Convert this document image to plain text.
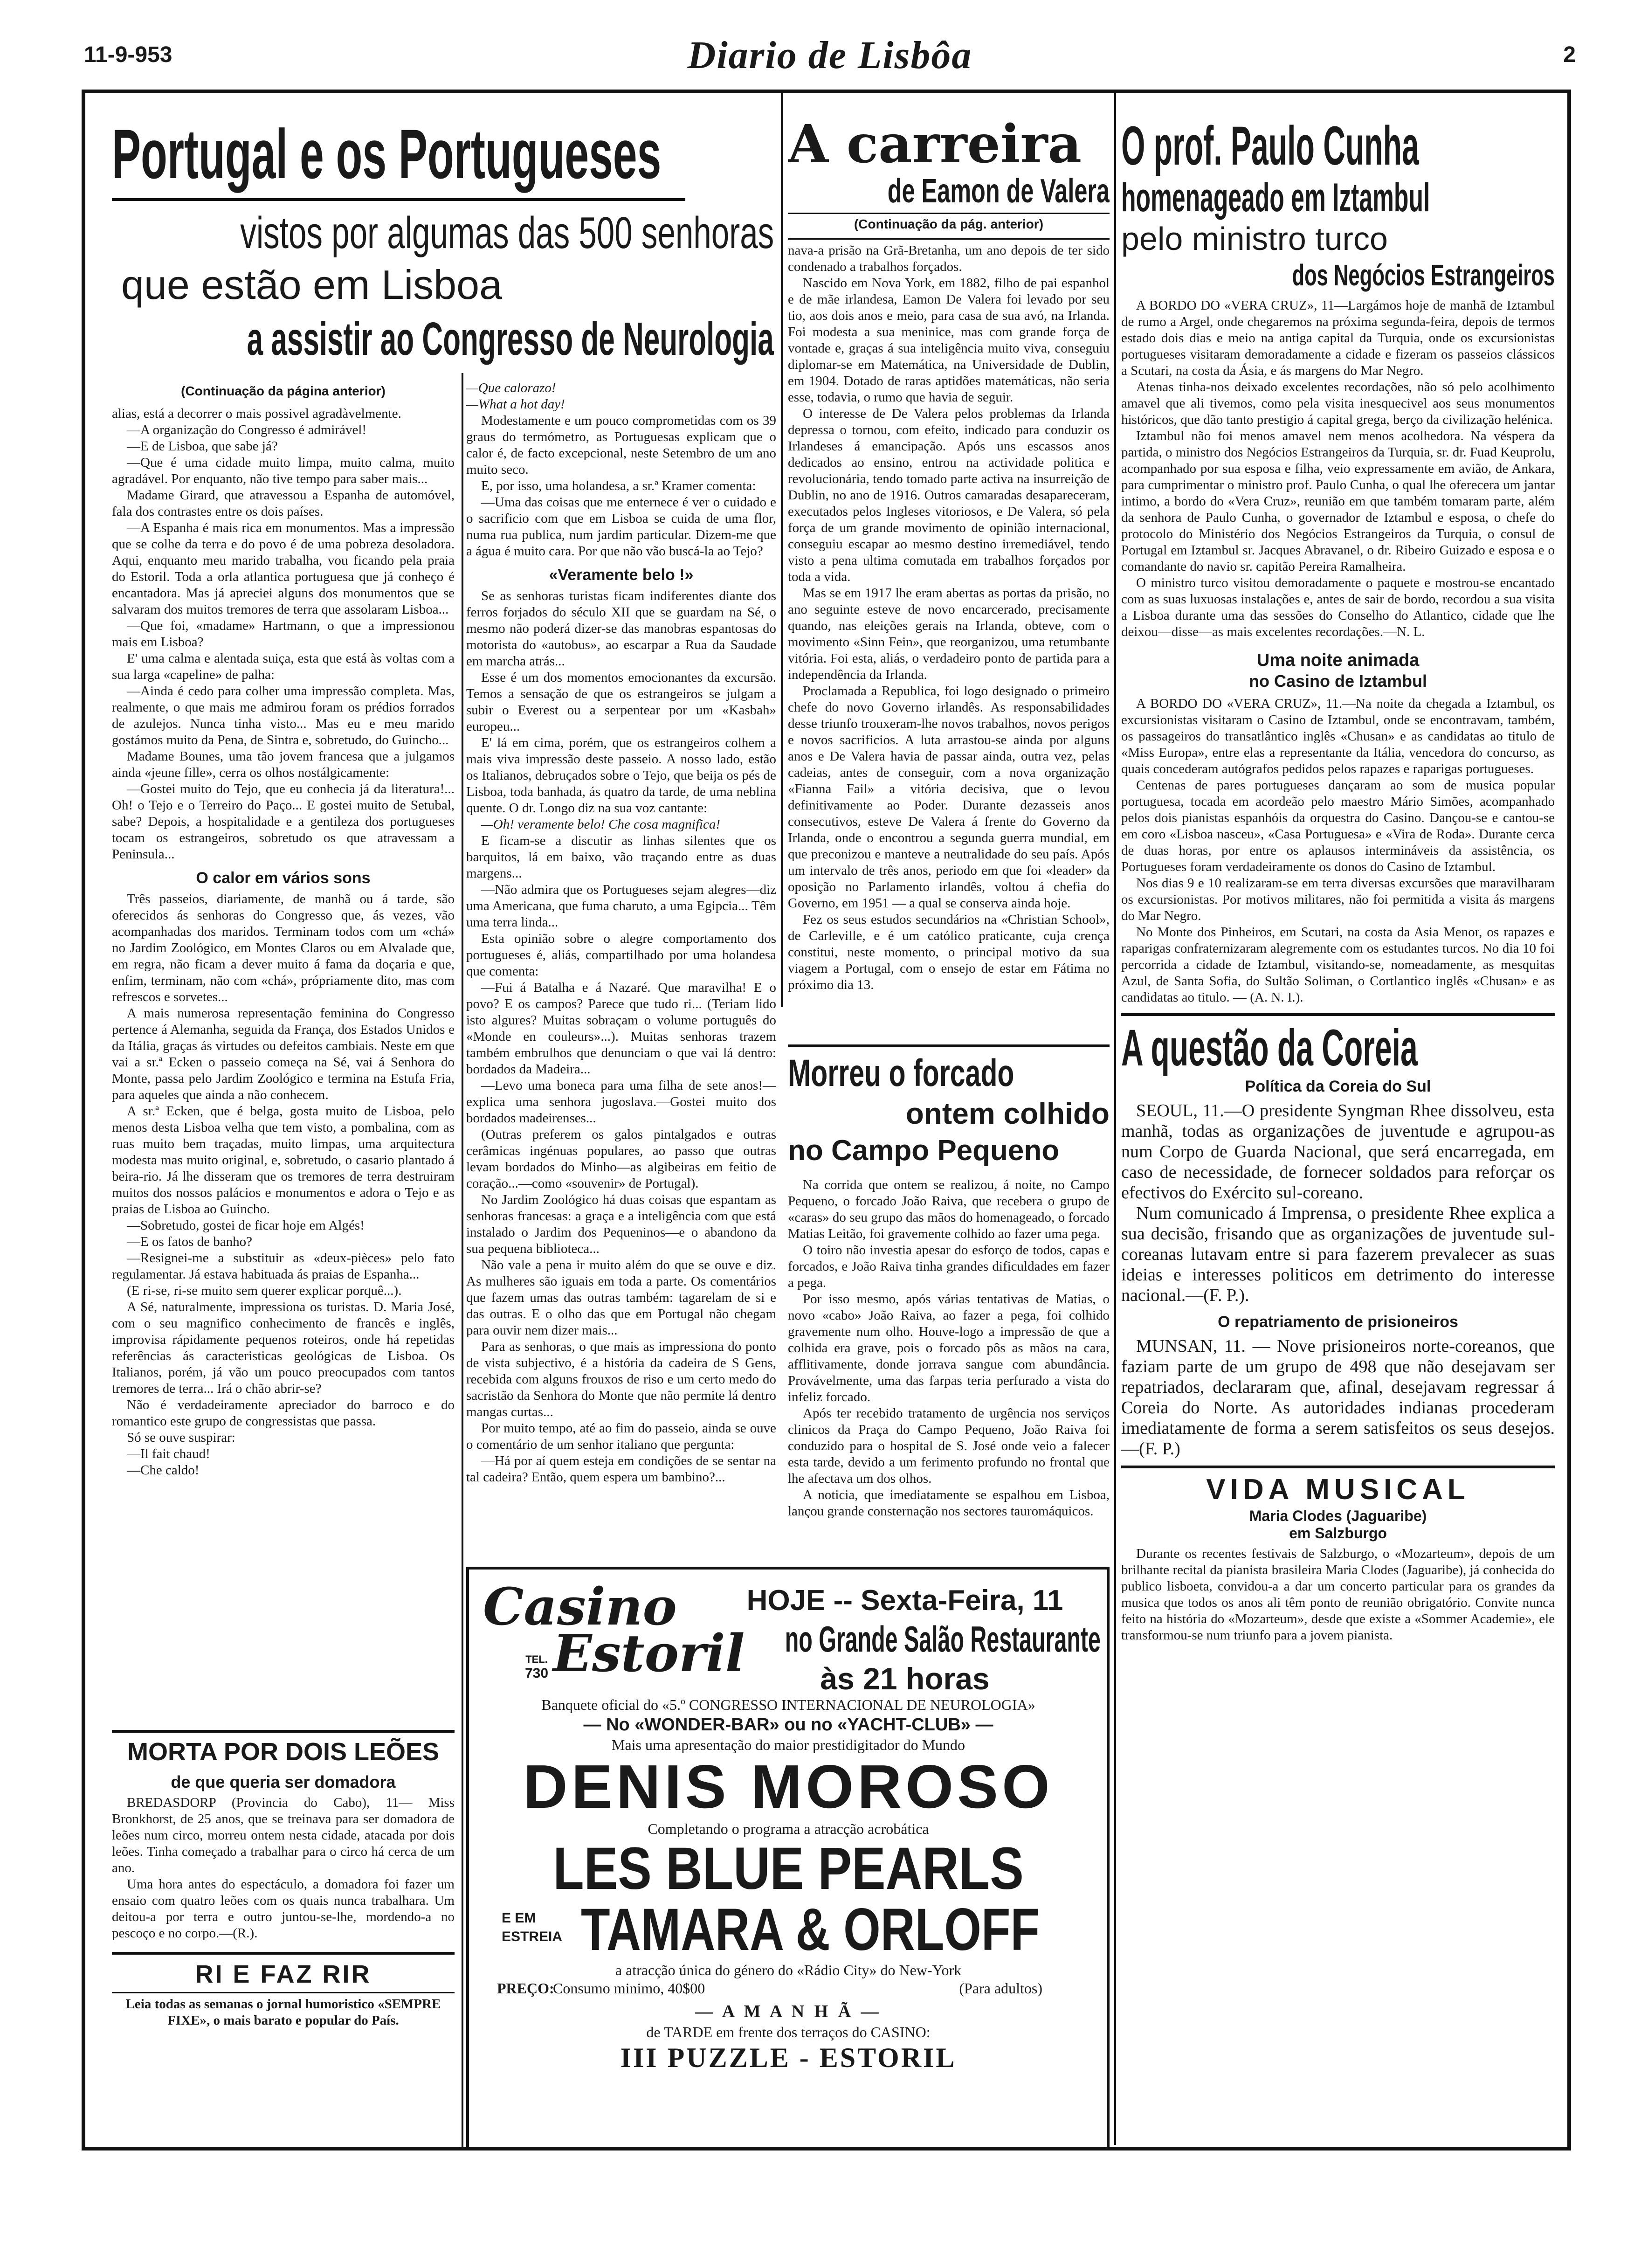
11-9-953	Diario de Lisbôa	2
Portugal e os Portugueses
vistos por algumas das 500 senhoras
que estão em Lisboa
a assistir ao Congresso de Neurologia
(Continuação da página anterior)

alias, está a decorrer o mais possivel agradàvelmente.

—A organização do Congresso é admirável!

—E de Lisboa, que sabe já?

—Que é uma cidade muito limpa, muito calma, muito agradável. Por enquanto, não tive tempo para saber mais...

Madame Girard, que atravessou a Espanha de automóvel, fala dos contrastes entre os dois países.

—A Espanha é mais rica em monumentos. Mas a impressão que se colhe da terra e do povo é de uma pobreza desoladora. Aqui, enquanto meu marido trabalha, vou ficando pela praia do Estoril. Toda a orla atlantica portuguesa que já conheço é encantadora. Mas já apreciei alguns dos monumentos que se salvaram dos muitos tremores de terra que assolaram Lisboa...

—Que foi, «madame» Hartmann, o que a impressionou mais em Lisboa?

E' uma calma e alentada suiça, esta que está às voltas com a sua larga «capeline» de palha:

—Ainda é cedo para colher uma impressão completa. Mas, realmente, o que mais me admirou foram os prédios forrados de azulejos. Nunca tinha visto... Mas eu e meu marido gostámos muito da Pena, de Sintra e, sobretudo, do Guincho...

Madame Bounes, uma tão jovem francesa que a julgamos ainda «jeune fille», cerra os olhos nostálgicamente:

—Gostei muito do Tejo, que eu conhecia já da literatura!... Oh! o Tejo e o Terreiro do Paço... E gostei muito de Setubal, sabe? Depois, a hospitalidade e a gentileza dos portugueses tocam os estrangeiros, sobretudo os que atravessam a Peninsula...

O calor em vários sons

Três passeios, diariamente, de manhã ou á tarde, são oferecidos ás senhoras do Congresso que, ás vezes, vão acompanhadas dos maridos. Terminam todos com um «chá» no Jardim Zoológico, em Montes Claros ou em Alvalade que, em regra, não ficam a dever muito á fama da doçaria e que, enfim, terminam, não com «chá», própriamente dito, mas com refrescos e sorvetes...

A mais numerosa representação feminina do Congresso pertence á Alemanha, seguida da França, dos Estados Unidos e da Itália, graças ás virtudes ou defeitos cambiais. Neste em que vai a sr.ª Ecken o passeio começa na Sé, vai á Senhora do Monte, passa pelo Jardim Zoológico e termina na Estufa Fria, para aqueles que ainda a não conhecem.

A sr.ª Ecken, que é belga, gosta muito de Lisboa, pelo menos desta Lisboa velha que tem visto, a pombalina, com as ruas muito bem traçadas, muito limpas, uma arquitectura modesta mas muito original, e, sobretudo, o casario plantado á beira-rio. Já lhe disseram que os tremores de terra destruiram muitos dos nossos palácios e monumentos e adora o Tejo e as praias de Lisboa ao Guincho.

—Sobretudo, gostei de ficar hoje em Algés!

—E os fatos de banho?

—Resignei-me a substituir as «deux-pièces» pelo fato regulamentar. Já estava habituada ás praias de Espanha...

(E ri-se, ri-se muito sem querer explicar porquê...).

A Sé, naturalmente, impressiona os turistas. D. Maria José, com o seu magnifico conhecimento de francês e inglês, improvisa rápidamente pequenos roteiros, onde há repetidas referências ás caracteristicas geológicas de Lisboa. Os Italianos, porém, já vão um pouco preocupados com tantos tremores de terra... Irá o chão abrir-se?

Não é verdadeiramente apreciador do barroco e do romantico este grupo de congressistas que passa.

Só se ouve suspirar:

—Il fait chaud!

—Che caldo!

MORTA POR DOIS LEÕES
de que queria ser domadora

BREDASDORP (Provincia do Cabo), 11— Miss Bronkhorst, de 25 anos, que se treinava para ser domadora de leões num circo, morreu ontem nesta cidade, atacada por dois leões. Tinha começado a trabalhar para o circo há cerca de um ano.

Uma hora antes do espectáculo, a domadora foi fazer um ensaio com quatro leões com os quais nunca trabalhara. Um deitou-a por terra e outro juntou-se-lhe, mordendo-a no pescoço e no corpo.—(R.).

RI E FAZ RIR

Leia todas as semanas o jornal humoristico «SEMPRE FIXE», o mais barato e popular do País.

—Que calorazo!

—What a hot day!

Modestamente e um pouco comprometidas com os 39 graus do termómetro, as Portuguesas explicam que o calor é, de facto excepcional, neste Setembro de um ano muito seco.

E, por isso, uma holandesa, a sr.ª Kramer comenta:

—Uma das coisas que me enternece é ver o cuidado e o sacrificio com que em Lisboa se cuida de uma flor, numa rua publica, num jardim particular. Dizem-me que a água é muito cara. Por que não vão buscá-la ao Tejo?

«Veramente belo !»

Se as senhoras turistas ficam indiferentes diante dos ferros forjados do século XII que se guardam na Sé, o mesmo não poderá dizer-se das manobras espantosas do motorista do «autobus», ao escarpar a Rua da Saudade em marcha atrás...

Esse é um dos momentos emocionantes da excursão. Temos a sensação de que os estrangeiros se julgam a subir o Everest ou a serpentear por um «Kasbah» europeu...

E' lá em cima, porém, que os estrangeiros colhem a mais viva impressão deste passeio. A nosso lado, estão os Italianos, debruçados sobre o Tejo, que beija os pés de Lisboa, toda banhada, ás quatro da tarde, de uma neblina quente. O dr. Longo diz na sua voz cantante:

—Oh! veramente belo! Che cosa magnifica!

E ficam-se a discutir as linhas silentes que os barquitos, lá em baixo, vão traçando entre as duas margens...

—Não admira que os Portugueses sejam alegres—diz uma Americana, que fuma charuto, a uma Egipcia... Têm uma terra linda...

Esta opinião sobre o alegre comportamento dos portugueses é, aliás, compartilhado por uma holandesa que comenta:

—Fui á Batalha e á Nazaré. Que maravilha! E o povo? E os campos? Parece que tudo ri... (Teriam lido isto algures? Muitas sobraçam o volume português do «Monde en couleurs»...). Muitas senhoras trazem também embrulhos que denunciam o que vai lá dentro: bordados da Madeira...

—Levo uma boneca para uma filha de sete anos!—explica uma senhora jugoslava.—Gostei muito dos bordados madeirenses...

(Outras preferem os galos pintalgados e outras cerâmicas ingénuas populares, ao passo que outras levam bordados do Minho—as algibeiras em feitio de coração...—como «souvenir» de Portugal).

No Jardim Zoológico há duas coisas que espantam as senhoras francesas: a graça e a inteligência com que está instalado o Jardim dos Pequeninos—e o abandono da sua pequena biblioteca...

Não vale a pena ir muito além do que se ouve e diz. As mulheres são iguais em toda a parte. Os comentários que fazem umas das outras também: tagarelam de si e das outras. E o olho das que em Portugal não chegam para ouvir nem dizer mais...

Para as senhoras, o que mais as impressiona do ponto de vista subjectivo, é a história da cadeira de S Gens, recebida com alguns frouxos de riso e um certo medo do sacristão da Senhora do Monte que não permite lá dentro mangas curtas...

Por muito tempo, até ao fim do passeio, ainda se ouve o comentário de um senhor italiano que pergunta:

—Há por aí quem esteja em condições de se sentar na tal cadeira? Então, quem espera um bambino?...

A carreira
de Eamon de Valera
(Continuação da pág. anterior)

nava-a prisão na Grã-Bretanha, um ano depois de ter sido condenado a trabalhos forçados.

Nascido em Nova York, em 1882, filho de pai espanhol e de mãe irlandesa, Eamon De Valera foi levado por seu tio, aos dois anos e meio, para casa de sua avó, na Irlanda. Foi modesta a sua meninice, mas com grande força de vontade e, graças á sua inteligência muito viva, conseguiu diplomar-se em Matemática, na Universidade de Dublin, em 1904. Dotado de raras aptidões matemáticas, não seria esse, todavia, o rumo que havia de seguir.

O interesse de De Valera pelos problemas da Irlanda depressa o tornou, com efeito, indicado para conduzir os Irlandeses á emancipação. Após uns escassos anos dedicados ao ensino, entrou na actividade politica e revolucionária, tendo tomado parte activa na insurreição de Dublin, no ano de 1916. Outros camaradas desapareceram, executados pelos Ingleses vitoriosos, e De Valera, só pela força de um grande movimento de opinião internacional, conseguiu escapar ao mesmo destino irremediável, tendo visto a pena ultima comutada em trabalhos forçados por toda a vida.

Mas se em 1917 lhe eram abertas as portas da prisão, no ano seguinte esteve de novo encarcerado, precisamente quando, nas eleições gerais na Irlanda, obteve, com o movimento «Sinn Fein», que reorganizou, uma retumbante vitória. Foi esta, aliás, o verdadeiro ponto de partida para a independência da Irlanda.

Proclamada a Republica, foi logo designado o primeiro chefe do novo Governo irlandês. As responsabilidades desse triunfo trouxeram-lhe novos trabalhos, novos perigos e novos sacrificios. A luta arrastou-se ainda por alguns anos e De Valera havia de passar ainda, outra vez, pelas cadeias, antes de conseguir, com a nova organização «Fianna Fail» a vitória decisiva, que o levou definitivamente ao Poder. Durante dezasseis anos consecutivos, esteve De Valera á frente do Governo da Irlanda, onde o encontrou a segunda guerra mundial, em que preconizou e manteve a neutralidade do seu país. Após um intervalo de três anos, periodo em que foi «leader» da oposição no Parlamento irlandês, voltou á chefia do Governo, em 1951 — a qual se conserva ainda hoje.

Fez os seus estudos secundários na «Christian School», de Carleville, e é um católico praticante, cuja crença constitui, neste momento, o principal motivo da sua viagem a Portugal, com o ensejo de estar em Fátima no próximo dia 13.

Morreu o forcado
ontem colhido
no Campo Pequeno

Na corrida que ontem se realizou, á noite, no Campo Pequeno, o forcado João Raiva, que recebera o grupo de «caras» do seu grupo das mãos do homenageado, o forcado Matias Leitão, foi gravemente colhido ao fazer uma pega.

O toiro não investia apesar do esforço de todos, capas e forcados, e João Raiva tinha grandes dificuldades em fazer a pega.

Por isso mesmo, após várias tentativas de Matias, o novo «cabo» João Raiva, ao fazer a pega, foi colhido gravemente num olho. Houve-logo a impressão de que a colhida era grave, pois o forcado pôs as mãos na cara, afflitivamente, donde jorrava sangue com abundância. Provávelmente, uma das farpas teria perfurado a vista do infeliz forcado.

Após ter recebido tratamento de urgência nos serviços clinicos da Praça do Campo Pequeno, João Raiva foi conduzido para o hospital de S. José onde veio a falecer esta tarde, devido a um ferimento profundo no frontal que lhe afectava um dos olhos.

A noticia, que imediatamente se espalhou em Lisboa, lançou grande consternação nos sectores tauromáquicos.

O prof. Paulo Cunha
homenageado em Iztambul
pelo ministro turco
dos Negócios Estrangeiros

A BORDO DO «VERA CRUZ», 11—Largámos hoje de manhã de Iztambul de rumo a Argel, onde chegaremos na próxima segunda-feira, depois de termos estado dois dias e meio na antiga capital da Turquia, onde os excursionistas portugueses visitaram demoradamente a cidade e fizeram os passeios clássicos a Scutari, na costa da Ásia, e ás margens do Mar Negro.

Atenas tinha-nos deixado excelentes recordações, não só pelo acolhimento amavel que ali tivemos, como pela visita inesquecivel aos seus monumentos históricos, que dão tanto prestigio á capital grega, berço da civilização helénica.

Iztambul não foi menos amavel nem menos acolhedora. Na véspera da partida, o ministro dos Negócios Estrangeiros da Turquia, sr. dr. Fuad Keuprolu, acompanhado por sua esposa e filha, veio expressamente em avião, de Ankara, para cumprimentar o ministro prof. Paulo Cunha, o qual lhe oferecera um jantar intimo, a bordo do «Vera Cruz», reunião em que também tomaram parte, além da senhora de Paulo Cunha, o governador de Iztambul e esposa, o chefe do protocolo do Ministério dos Negócios Estrangeiros da Turquia, o consul de Portugal em Iztambul sr. Jacques Abravanel, o dr. Ribeiro Guizado e esposa e o comandante do navio sr. capitão Pereira Ramalheira.

O ministro turco visitou demoradamente o paquete e mostrou-se encantado com as suas luxuosas instalações e, antes de sair de bordo, recordou a sua visita a Lisboa durante uma das sessões do Conselho do Atlantico, cidade que lhe deixou—disse—as mais excelentes recordações.—N. L.

Uma noite animada
no Casino de Iztambul

A BORDO DO «VERA CRUZ», 11.—Na noite da chegada a Iztambul, os excursionistas visitaram o Casino de Iztambul, onde se encontravam, também, os passageiros do transatlântico inglês «Chusan» e as candidatas ao titulo de «Miss Europa», entre elas a representante da Itália, vencedora do concurso, as quais concederam autógrafos pedidos pelos rapazes e raparigas portugueses.

Centenas de pares portugueses dançaram ao som de musica popular portuguesa, tocada em acordeão pelo maestro Mário Simões, acompanhado pelos dois pianistas espanhóis da orquestra do Casino. Dançou-se e cantou-se em coro «Lisboa nasceu», «Casa Portuguesa» e «Vira de Roda». Durante cerca de duas horas, por entre os aplausos intermináveis da assistência, os Portugueses foram verdadeiramente os donos do Casino de Iztambul.

Nos dias 9 e 10 realizaram-se em terra diversas excursões que maravilharam os excursionistas. Por motivos militares, não foi permitida a visita ás margens do Mar Negro.

No Monte dos Pinheiros, em Scutari, na costa da Asia Menor, os rapazes e raparigas confraternizaram alegremente com os estudantes turcos. No dia 10 foi percorrida a cidade de Iztambul, visitando-se, nomeadamente, as mesquitas Azul, de Santa Sofia, do Sultão Soliman, o Cortlantico inglês «Chusan» e as candidatas ao titulo. — (A. N. I.).

A questão da Coreia
Política da Coreia do Sul

SEOUL, 11.—O presidente Syngman Rhee dissolveu, esta manhã, todas as organizações de juventude e agrupou-as num Corpo de Guarda Nacional, que será encarregada, em caso de necessidade, de fornecer soldados para reforçar os efectivos do Exército sul-coreano.

Num comunicado á Imprensa, o presidente Rhee explica a sua decisão, frisando que as organizações de juventude sul-coreanas lutavam entre si para fazerem prevalecer as suas ideias e interesses politicos em detrimento do interesse nacional.—(F. P.).

O repatriamento de prisioneiros

MUNSAN, 11. — Nove prisioneiros norte-coreanos, que faziam parte de um grupo de 498 que não desejavam ser repatriados, declararam que, afinal, desejavam regressar á Coreia do Norte. As autoridades indianas procederam imediatamente de forma a serem satisfeitos os seus desejos.—(F. P.)

VIDA MUSICAL
Maria Clodes (Jaguaribe)
em Salzburgo

Durante os recentes festivais de Salzburgo, o «Mozarteum», depois de um brilhante recital da pianista brasileira Maria Clodes (Jaguaribe), já conhecida do publico lisboeta, convidou-a a dar um concerto particular para os grandes da musica que todos os anos ali têm ponto de reunião obrigatório. Convite nunca feito na história do «Mozarteum», desde que existe a «Sommer Academie», ele transformou-se num triunfo para a jovem pianista.

Casino
Estoril
TEL.
730
HOJE -- Sexta-Feira, 11
no Grande Salão Restaurante
às 21 horas
Banquete oficial do «5.º CONGRESSO INTERNACIONAL DE NEUROLOGIA»
— No «WONDER-BAR» ou no «YACHT-CLUB» —
Mais uma apresentação do maior prestidigitador do Mundo
DENIS MOROSO
Completando o programa a atracção acrobática
LES BLUE PEARLS
E EM
ESTREIA TAMARA & ORLOFF
a atracção única do género do «Rádio City» do New-York
PREÇO:
Consumo minimo, 40$00	(Para adultos)
— A M A N H Ã —
de TARDE em frente dos terraços do CASINO:
III PUZZLE - ESTORIL
